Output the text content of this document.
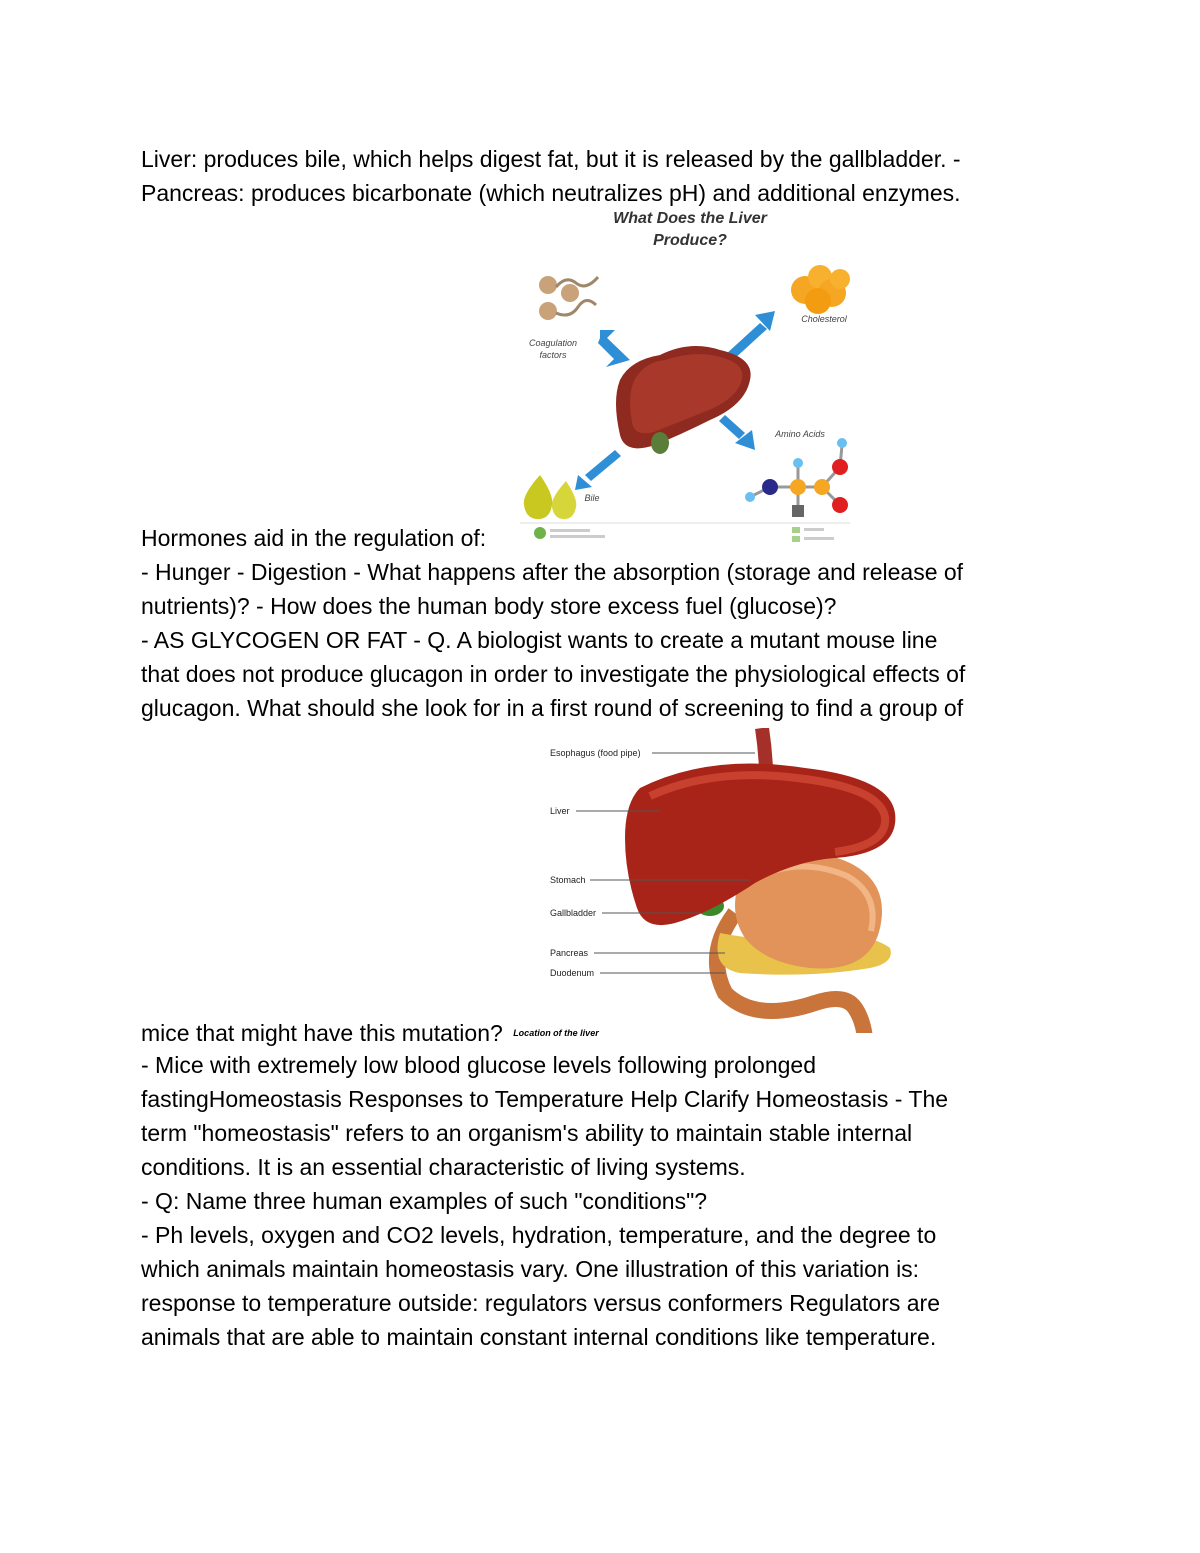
Liver: produces bile, which helps digest fat, but it is released by the gallbladder. -
Pancreas: produces bicarbonate (which neutralizes pH) and additional enzymes.
What Does the Liver
Produce?
Coagulation
factors
Cholesterol
Amino Acids
Bile
Hormones aid in the regulation of:
- Hunger - Digestion - What happens after the absorption (storage and release of
nutrients)? - How does the human body store excess fuel (glucose)?
- AS GLYCOGEN OR FAT - Q. A biologist wants to create a mutant mouse line
that does not produce glucagon in order to investigate the physiological effects of
glucagon. What should she look for in a first round of screening to find a group of
Esophagus (food pipe)
Liver
Stomach
Gallbladder
Pancreas
Duodenum
mice that might have this mutation? $^{Location of the liver}$
- Mice with extremely low blood glucose levels following prolonged
fastingHomeostasis Responses to Temperature Help Clarify Homeostasis - The
term "homeostasis" refers to an organism's ability to maintain stable internal
conditions. It is an essential characteristic of living systems.
- Q: Name three human examples of such "conditions"?
- Ph levels, oxygen and CO2 levels, hydration, temperature, and the degree to
which animals maintain homeostasis vary. One illustration of this variation is:
response to temperature outside: regulators versus conformers Regulators are
animals that are able to maintain constant internal conditions like temperature.
